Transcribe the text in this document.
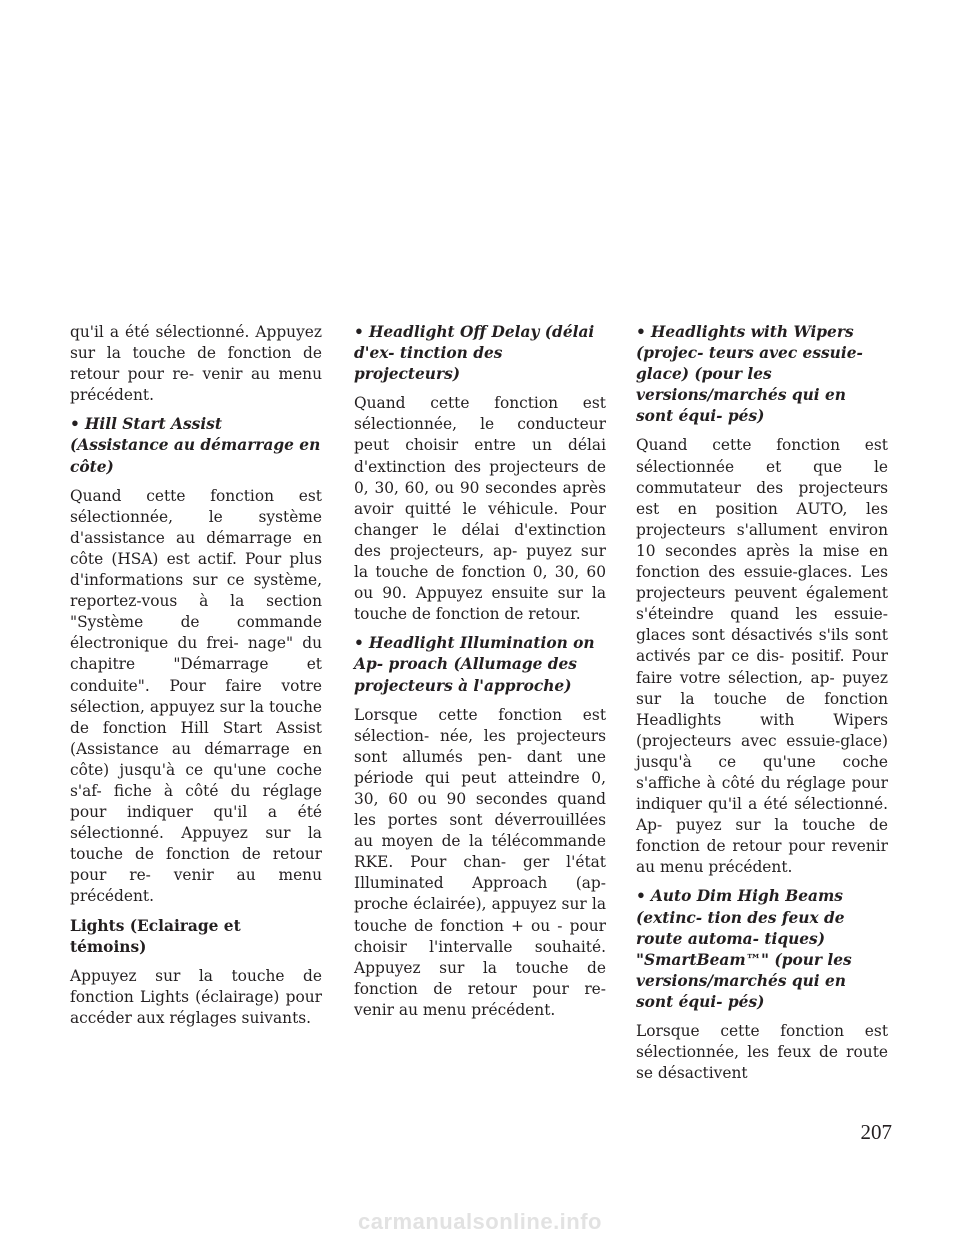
qu'il a été sélectionné. Appuyez sur la touche de fonction de retour pour re- venir au menu précédent.

• Hill Start Assist (Assistance au démarrage en côte)

Quand cette fonction est sélectionnée, le système d'assistance au démarrage en côte (HSA) est actif. Pour plus d'informations sur ce système, reportez-vous à la section "Système de commande électronique du frei- nage" du chapitre "Démarrage et conduite". Pour faire votre sélection, appuyez sur la touche de fonction Hill Start Assist (Assistance au démarrage en côte) jusqu'à ce qu'une coche s'af- fiche à côté du réglage pour indiquer qu'il a été sélectionné. Appuyez sur la touche de fonction de retour pour re- venir au menu précédent.

Lights (Eclairage et témoins)

Appuyez sur la touche de fonction Lights (éclairage) pour accéder aux réglages suivants.

• Headlight Off Delay (délai d'ex- tinction des projecteurs)

Quand cette fonction est sélectionnée, le conducteur peut choisir entre un délai d'extinction des projecteurs de 0, 30, 60, ou 90 secondes après avoir quitté le véhicule. Pour changer le délai d'extinction des projecteurs, ap- puyez sur la touche de fonction 0, 30, 60 ou 90. Appuyez ensuite sur la touche de fonction de retour.

• Headlight Illumination on Ap- proach (Allumage des projecteurs à l'approche)

Lorsque cette fonction est sélection- née, les projecteurs sont allumés pen- dant une période qui peut atteindre 0, 30, 60 ou 90 secondes quand les portes sont déverrouillées au moyen de la télécommande RKE. Pour chan- ger l'état Illuminated Approach (ap- proche éclairée), appuyez sur la touche de fonction + ou - pour choisir l'intervalle souhaité. Appuyez sur la touche de fonction de retour pour re- venir au menu précédent.

• Headlights with Wipers (projec- teurs avec essuie-glace) (pour les versions/marchés qui en sont équi- pés)

Quand cette fonction est sélectionnée et que le commutateur des projecteurs est en position AUTO, les projecteurs s'allument environ 10 secondes après la mise en fonction des essuie-glaces. Les projecteurs peuvent également s'éteindre quand les essuie-glaces sont désactivés s'ils sont activés par ce dis- positif. Pour faire votre sélection, ap- puyez sur la touche de fonction Headlights with Wipers (projecteurs avec essuie-glace) jusqu'à ce qu'une coche s'affiche à côté du réglage pour indiquer qu'il a été sélectionné. Ap- puyez sur la touche de fonction de retour pour revenir au menu précédent.

• Auto Dim High Beams (extinc- tion des feux de route automa- tiques) "SmartBeam™" (pour les versions/marchés qui en sont équi- pés)

Lorsque cette fonction est sélectionnée, les feux de route se désactivent

207
carmanualsonline.info
